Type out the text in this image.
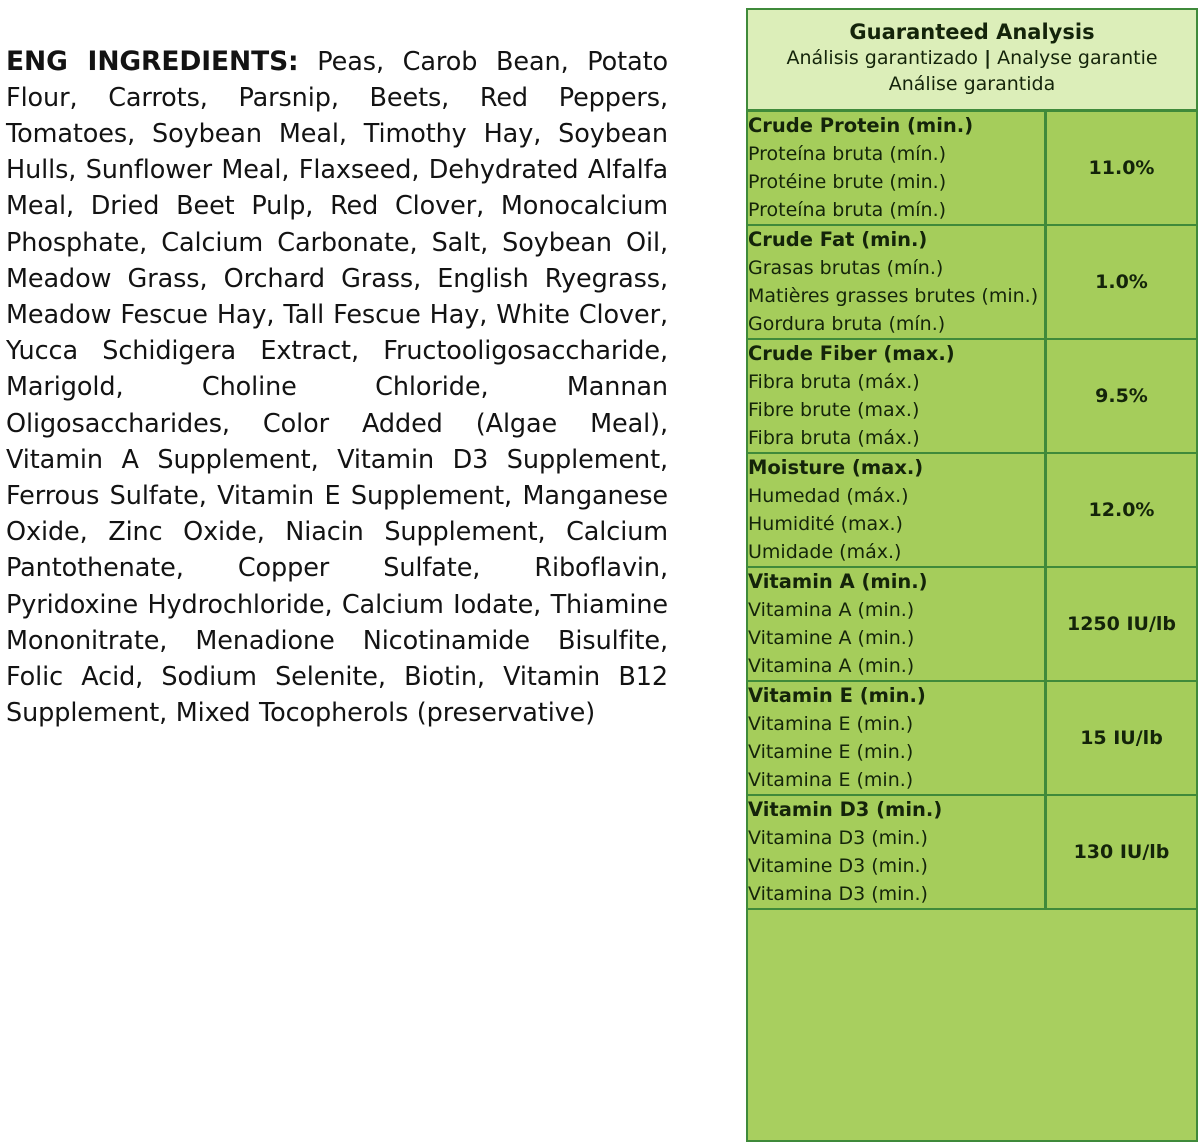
ENG INGREDIENTS: Peas, Carob Bean, Potato Flour, Carrots, Parsnip, Beets, Red Peppers, Tomatoes, Soybean Meal, Timothy Hay, Soybean Hulls, Sunflower Meal, Flaxseed, Dehydrated Alfalfa Meal, Dried Beet Pulp, Red Clover, Monocalcium Phosphate, Calcium Carbonate, Salt, Soybean Oil, Meadow Grass, Orchard Grass, English Ryegrass, Meadow Fescue Hay, Tall Fescue Hay, White Clover, Yucca Schidigera Extract, Fructooligosaccharide, Marigold, Choline Chloride, Mannan Oligosaccharides, Color Added (Algae Meal), Vitamin A Supplement, Vitamin D3 Supplement, Ferrous Sulfate, Vitamin E Supplement, Manganese Oxide, Zinc Oxide, Niacin Supplement, Calcium Pantothenate, Copper Sulfate, Riboflavin, Pyridoxine Hydrochloride, Calcium Iodate, Thiamine Mononitrate, Menadione Nicotinamide Bisulfite, Folic Acid, Sodium Selenite, Biotin, Vitamin B12 Supplement, Mixed Tocopherols (preservative)

Guaranteed Analysis
Análisis garantizado | Analyse garantie
Análise garantida
Crude Protein (min.)
Proteína bruta (mín.)
Protéine brute (min.)
Proteína bruta (mín.)	11.0%

Crude Fat (min.)
Grasas brutas (mín.)
Matières grasses brutes (min.)
Gordura bruta (mín.)	1.0%

Crude Fiber (max.)
Fibra bruta (máx.)
Fibre brute (max.)
Fibra bruta (máx.)	9.5%

Moisture (max.)
Humedad (máx.)
Humidité (max.)
Umidade (máx.)	12.0%

Vitamin A (min.)
Vitamina A (min.)
Vitamine A (min.)
Vitamina A (min.)	1250 IU/lb

Vitamin E (min.)
Vitamina E (min.)
Vitamine E (min.)
Vitamina E (min.)	15 IU/lb

Vitamin D3 (min.)
Vitamina D3 (min.)
Vitamine D3 (min.)
Vitamina D3 (min.)	130 IU/lb
